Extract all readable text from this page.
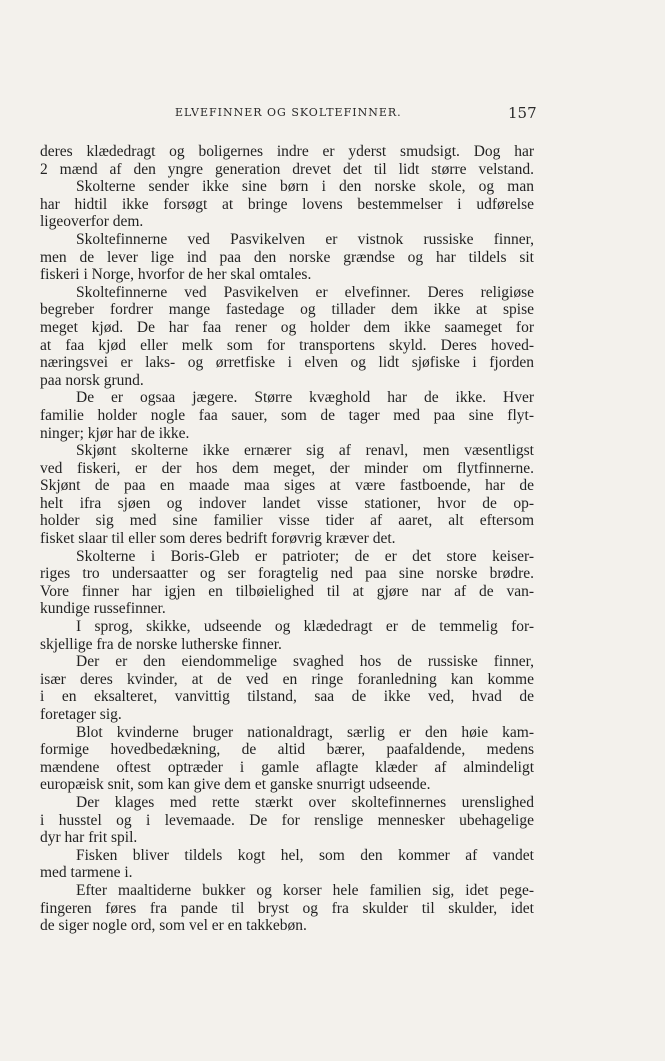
ELVEFINNER OG SKOLTEFINNER.	157
deres klædedragt og boligernes indre er yderst smudsigt. Dog har
2 mænd af den yngre generation drevet det til lidt større velstand.
Skolterne sender ikke sine børn i den norske skole, og man
har hidtil ikke forsøgt at bringe lovens bestemmelser i udførelse
ligeoverfor dem.
Skoltefinnerne ved Pasvikelven er vistnok russiske finner,
men de lever lige ind paa den norske grændse og har tildels sit
fiskeri i Norge, hvorfor de her skal omtales.
Skoltefinnerne ved Pasvikelven er elvefinner. Deres religiøse
begreber fordrer mange fastedage og tillader dem ikke at spise
meget kjød. De har faa rener og holder dem ikke saameget for
at faa kjød eller melk som for transportens skyld. Deres hoved-
næringsvei er laks- og ørretfiske i elven og lidt sjøfiske i fjorden
paa norsk grund.
De er ogsaa jægere. Større kvæghold har de ikke. Hver
familie holder nogle faa sauer, som de tager med paa sine flyt-
ninger; kjør har de ikke.
Skjønt skolterne ikke ernærer sig af renavl, men væsentligst
ved fiskeri, er der hos dem meget, der minder om flytfinnerne.
Skjønt de paa en maade maa siges at være fastboende, har de
helt ifra sjøen og indover landet visse stationer, hvor de op-
holder sig med sine familier visse tider af aaret, alt eftersom
fisket slaar til eller som deres bedrift forøvrig kræver det.
Skolterne i Boris-Gleb er patrioter; de er det store keiser-
riges tro undersaatter og ser foragtelig ned paa sine norske brødre.
Vore finner har igjen en tilbøielighed til at gjøre nar af de van-
kundige russefinner.
I sprog, skikke, udseende og klædedragt er de temmelig for-
skjellige fra de norske lutherske finner.
Der er den eiendommelige svaghed hos de russiske finner,
især deres kvinder, at de ved en ringe foranledning kan komme
i en eksalteret, vanvittig tilstand, saa de ikke ved, hvad de
foretager sig.
Blot kvinderne bruger nationaldragt, særlig er den høie kam-
formige hovedbedækning, de altid bærer, paafaldende, medens
mændene oftest optræder i gamle aflagte klæder af almindeligt
europæisk snit, som kan give dem et ganske snurrigt udseende.
Der klages med rette stærkt over skoltefinnernes urenslighed
i husstel og i levemaade. De for renslige mennesker ubehagelige
dyr har frit spil.
Fisken bliver tildels kogt hel, som den kommer af vandet
med tarmene i.
Efter maaltiderne bukker og korser hele familien sig, idet pege-
fingeren føres fra pande til bryst og fra skulder til skulder, idet
de siger nogle ord, som vel er en takkebøn.
